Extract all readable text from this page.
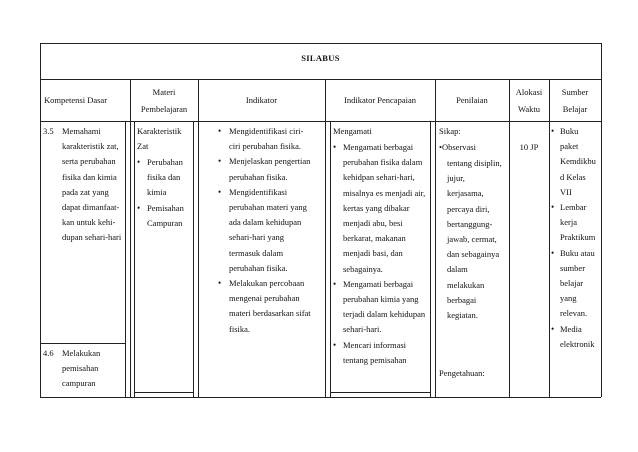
SILABUS
Kompetensi Dasar
Materi
Pembelajaran
Indikator	Indikator Pencapaian	Penilaian
Alokasi
Waktu
Sumber
Belajar
3.5 Memahami
karakteristik zat,
serta perubahan
fisika dan kimia
pada zat yang
dapat dimanfaat-
kan untuk kehi-
dupan sehari-hari
4.6 Melakukan
pemisahan
campuran
Karakteristik
Zat
• Perubahan
fisika dan
kimia
• Pemisahan
Campuran
• Mengidentifikasi ciri-
ciri perubahan fisika.
• Menjelaskan pengertian
perubahan fisika.
• Mengidentifikasi
perubahan materi yang
ada dalam kehidupan
sehari-hari yang
termasuk dalam
perubahan fisika.
• Melakukan percobaan
mengenai perubahan
materi berdasarkan sifat
fisika.
Mengamati
• Mengamati berbagai
perubahan fisika dalam
kehidpan sehari-hari,
misalnya es menjadi air,
kertas yang dibakar
menjadi abu, besi
berkarat, makanan
menjadi basi, dan
sebagainya.
• Mengamati berbagai
perubahan kimia yang
terjadi dalam kehidupan
sehari-hari.
• Mencari informasi
tentang pemisahan
Sikap:
•Observasi
tentang disiplin,
jujur,
kerjasama,
percaya diri,
bertanggung-
jawab, cermat,
dan sebagainya
dalam
melakukan
berbagai
kegiatan.
Pengetahuan:
10 JP
• Buku
paket
Kemdikbu
d Kelas
VII
• Lembar
kerja
Praktikum
• Buku atau
sumber
belajar
yang
relevan.
• Media
elektronik
